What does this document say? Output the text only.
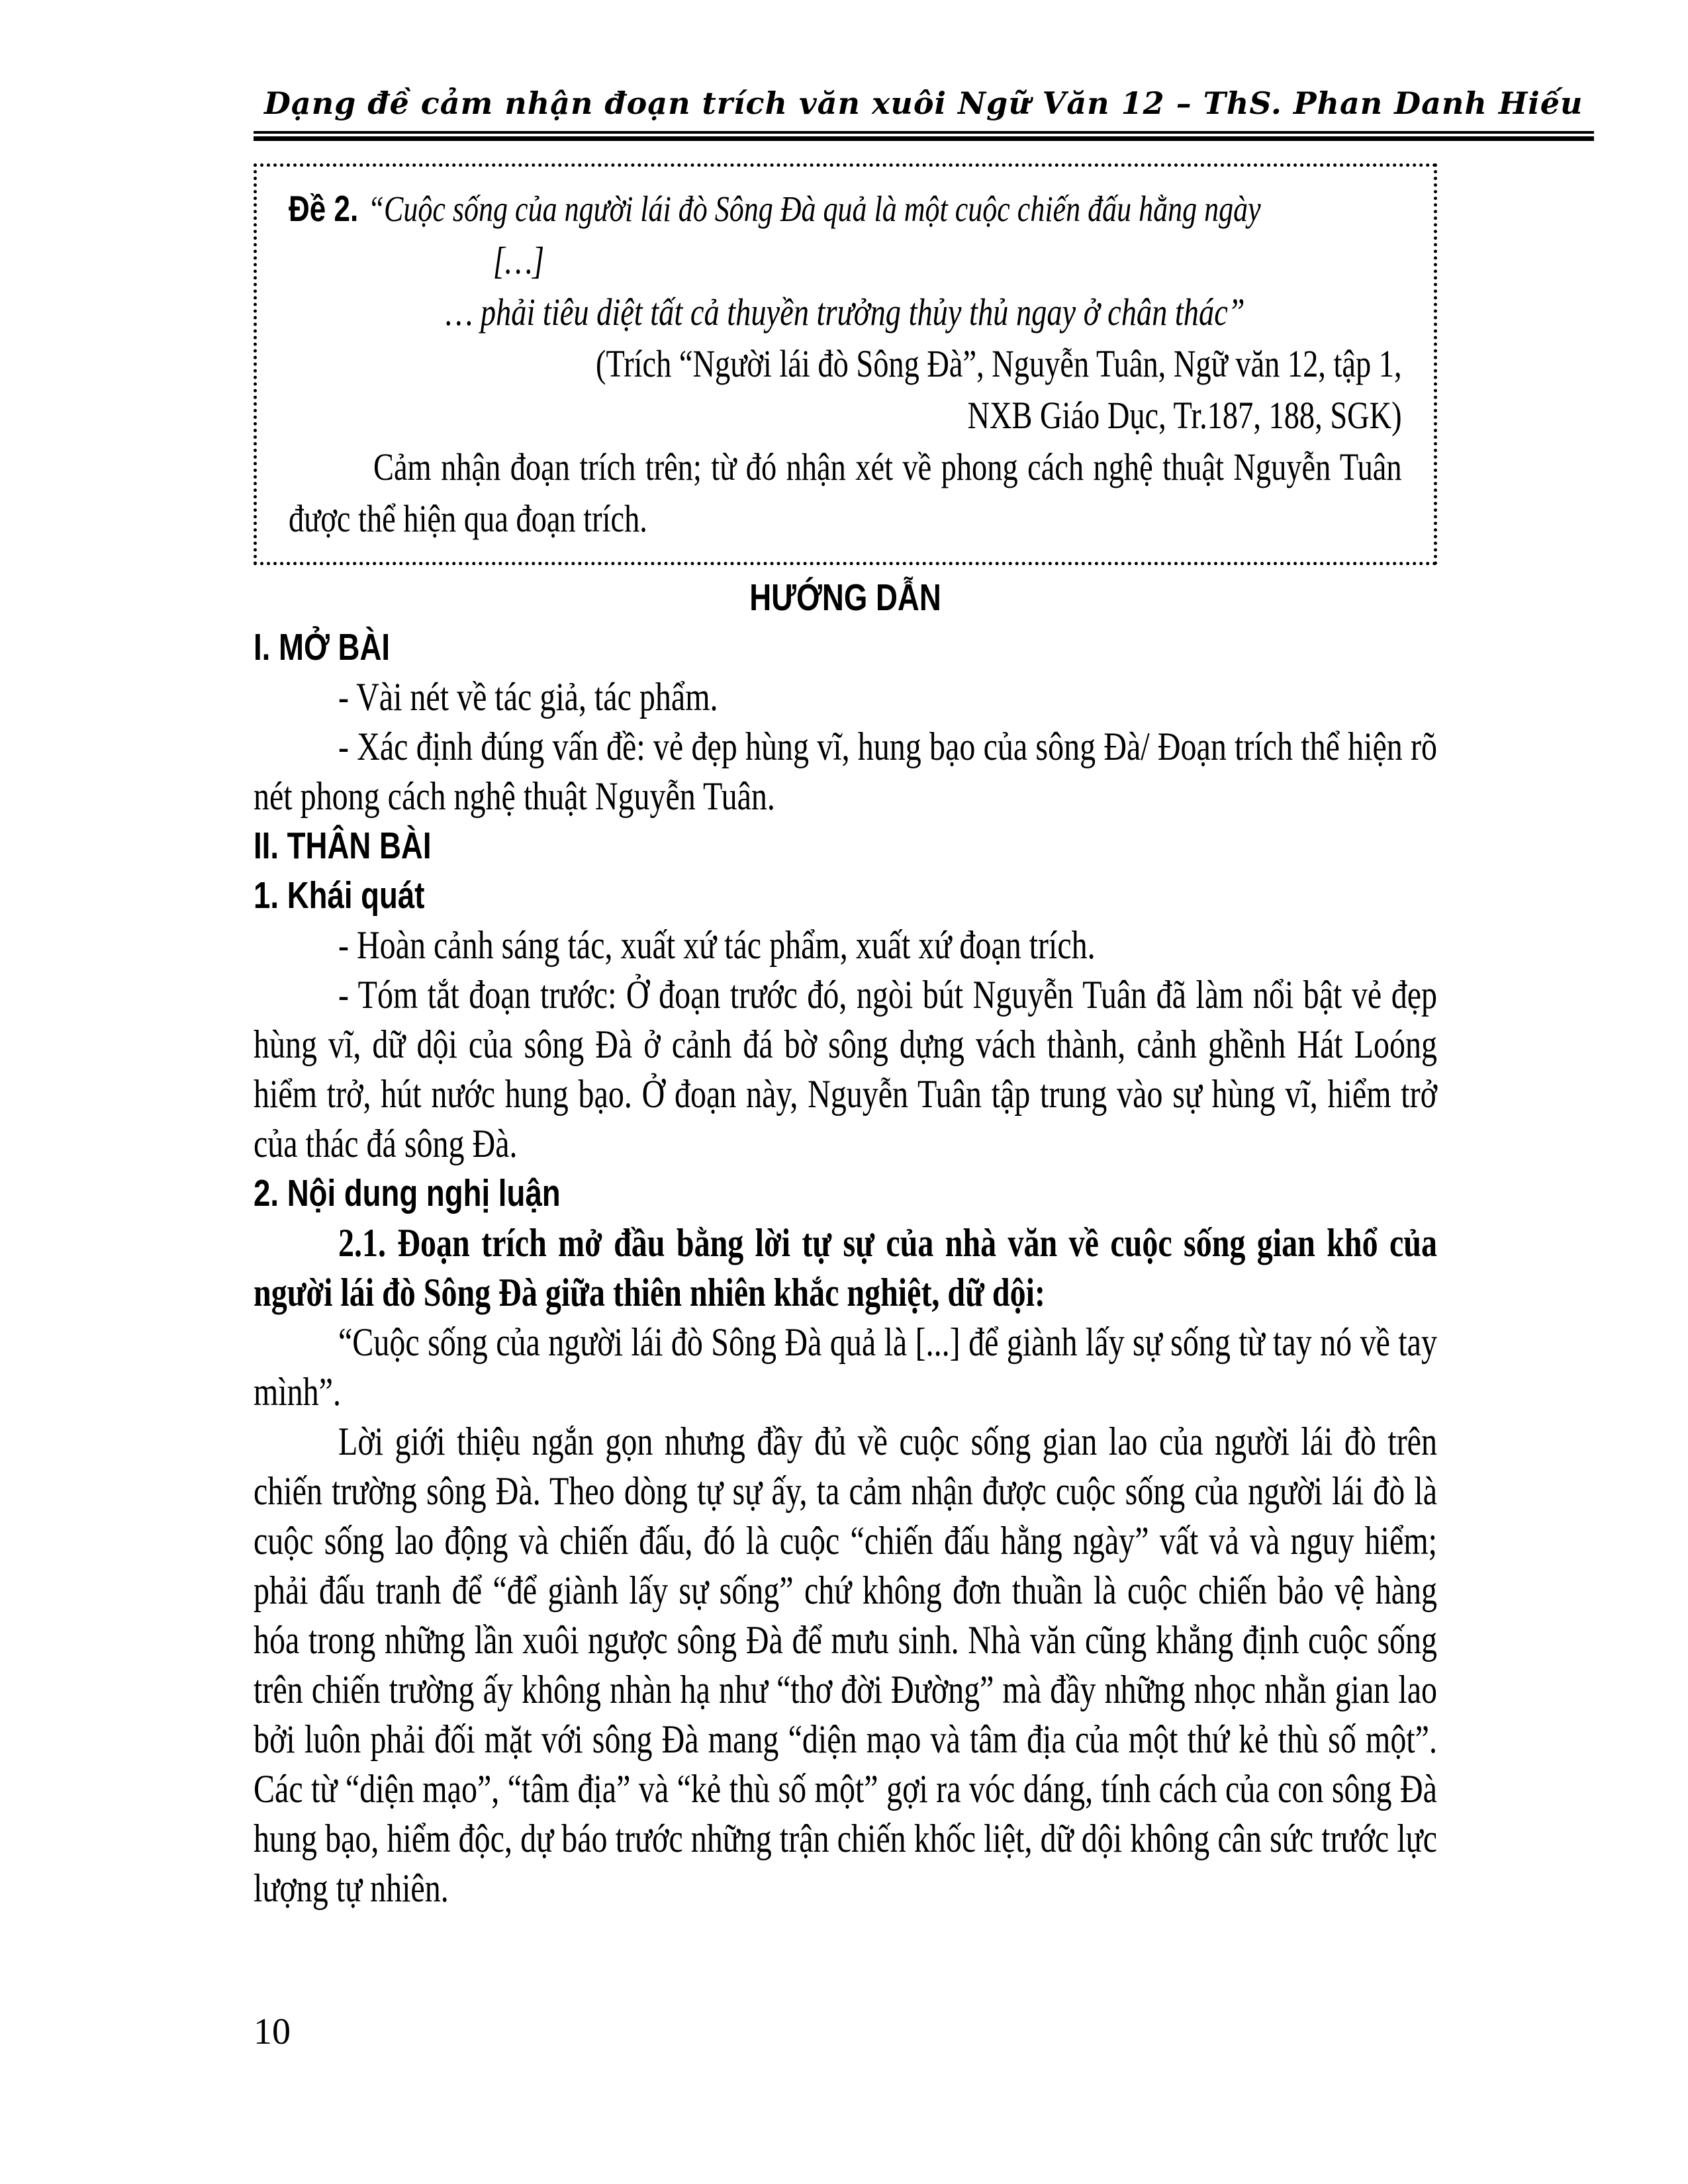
Dạng đề cảm nhận đoạn trích văn xuôi Ngữ Văn 12 – ThS. Phan Danh Hiếu
Đề 2. “Cuộc sống của người lái đò Sông Đà quả là một cuộc chiến đấu hằng ngày
[…]
… phải tiêu diệt tất cả thuyền trưởng thủy thủ ngay ở chân thác”
(Trích “Người lái đò Sông Đà”, Nguyễn Tuân, Ngữ văn 12, tập 1,
NXB Giáo Dục, Tr.187, 188, SGK)
Cảm nhận đoạn trích trên; từ đó nhận xét về phong cách nghệ thuật Nguyễn Tuân được thể hiện qua đoạn trích.
HƯỚNG DẪN
I. MỞ BÀI
- Vài nét về tác giả, tác phẩm.
- Xác định đúng vấn đề: vẻ đẹp hùng vĩ, hung bạo của sông Đà/ Đoạn trích thể hiện rõ nét phong cách nghệ thuật Nguyễn Tuân.
II. THÂN BÀI
1. Khái quát
- Hoàn cảnh sáng tác, xuất xứ tác phẩm, xuất xứ đoạn trích.
- Tóm tắt đoạn trước: Ở đoạn trước đó, ngòi bút Nguyễn Tuân đã làm nổi bật vẻ đẹp hùng vĩ, dữ dội của sông Đà ở cảnh đá bờ sông dựng vách thành, cảnh ghềnh Hát Loóng hiểm trở, hút nước hung bạo. Ở đoạn này, Nguyễn Tuân tập trung vào sự hùng vĩ, hiểm trở của thác đá sông Đà.
2. Nội dung nghị luận
2.1. Đoạn trích mở đầu bằng lời tự sự của nhà văn về cuộc sống gian khổ của người lái đò Sông Đà giữa thiên nhiên khắc nghiệt, dữ dội:
“Cuộc sống của người lái đò Sông Đà quả là [...] để giành lấy sự sống từ tay nó về tay mình”.
Lời giới thiệu ngắn gọn nhưng đầy đủ về cuộc sống gian lao của người lái đò trên chiến trường sông Đà. Theo dòng tự sự ấy, ta cảm nhận được cuộc sống của người lái đò là cuộc sống lao động và chiến đấu, đó là cuộc “chiến đấu hằng ngày” vất vả và nguy hiểm; phải đấu tranh để “để giành lấy sự sống” chứ không đơn thuần là cuộc chiến bảo vệ hàng hóa trong những lần xuôi ngược sông Đà để mưu sinh. Nhà văn cũng khẳng định cuộc sống trên chiến trường ấy không nhàn hạ như “thơ đời Đường” mà đầy những nhọc nhằn gian lao bởi luôn phải đối mặt với sông Đà mang “diện mạo và tâm địa của một thứ kẻ thù số một”. Các từ “diện mạo”, “tâm địa” và “kẻ thù số một” gợi ra vóc dáng, tính cách của con sông Đà hung bạo, hiểm độc, dự báo trước những trận chiến khốc liệt, dữ dội không cân sức trước lực lượng tự nhiên.
10
